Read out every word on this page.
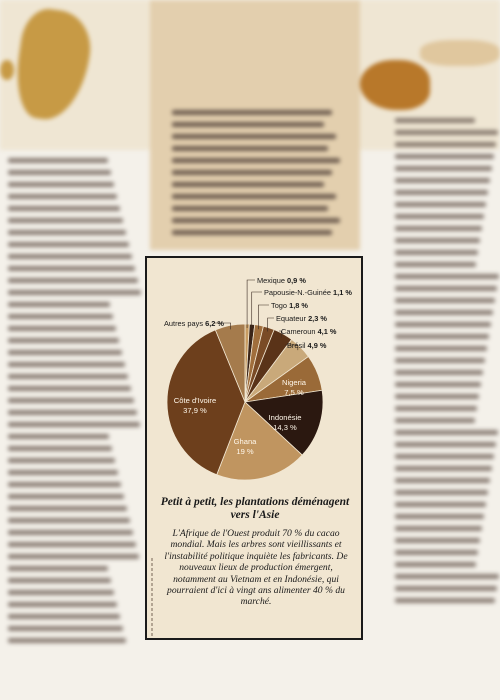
Mexique 0,9 %
Papousie-N.-Guinée 1,1 %
Togo 1,8 %
Equateur 2,3 %
Cameroun 4,1 %
Brésil 4,9 %
Nigeria
7,5 %
Indonésie
14,3 %
Ghana
19 %
Côte d'Ivoire
37,9 %
Autres pays 6,2 %

Petit à petit, les plantations déménagent vers l'Asie

L'Afrique de l'Ouest produit 70 % du cacao mondial. Mais les arbres sont vieillissants et l'instabilité politique inquiète les fabricants. De nouveaux lieux de production émergent, notamment au Vietnam et en Indonésie, qui pourraient d'ici à vingt ans alimenter 40 % du marché.
